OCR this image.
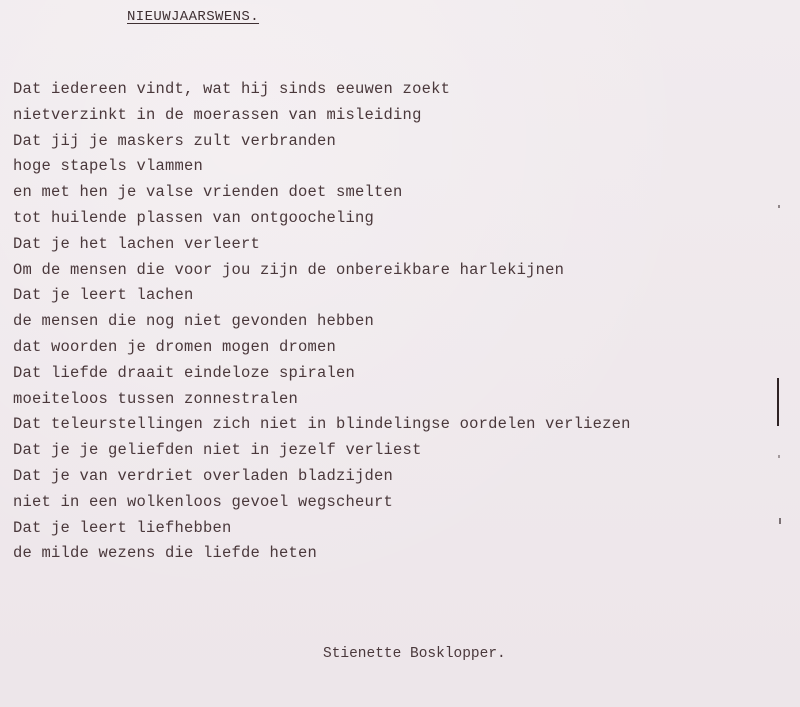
NIEUWJAARSWENS.
Dat iedereen vindt, wat hij sinds eeuwen zoekt
nietverzinkt in de moerassen van misleiding
Dat jij je maskers zult verbranden
hoge stapels vlammen
en met hen je valse vrienden doet smelten
tot huilende plassen van ontgoocheling
Dat je het lachen verleert
Om de mensen die voor jou zijn de onbereikbare harlekijnen
Dat je leert lachen
de mensen die nog niet gevonden hebben
dat woorden je dromen mogen dromen
Dat liefde draait eindeloze spiralen
moeiteloos tussen zonnestralen
Dat teleurstellingen zich niet in blindelingse oordelen verliezen
Dat je je geliefden niet in jezelf verliest
Dat je van verdriet overladen bladzijden
niet in een wolkenloos gevoel wegscheurt
Dat je leert liefhebben
de milde wezens die liefde heten
Stienette Bosklopper.
